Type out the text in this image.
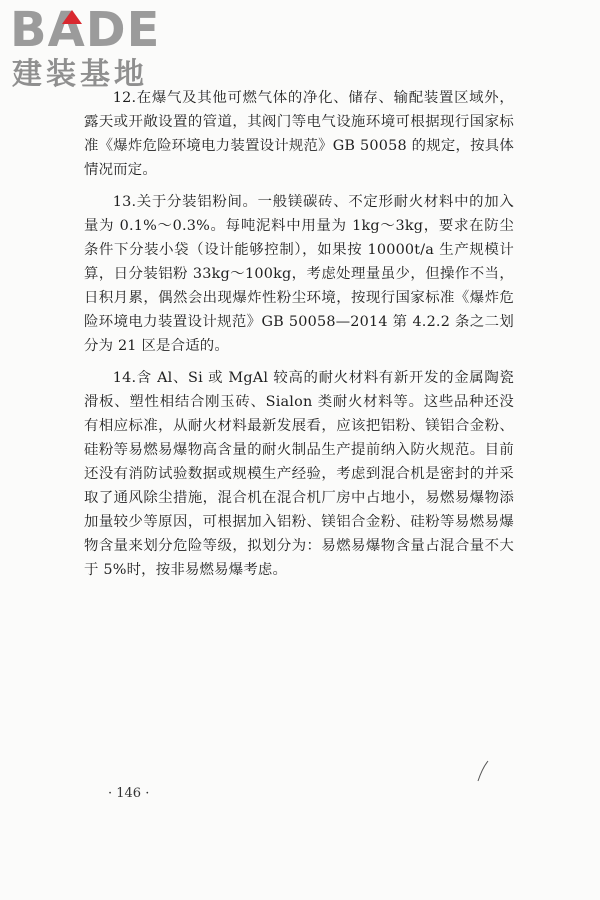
BADE
建装基地

12.在爆气及其他可燃气体的净化、储存、输配装置区域外，露天或开敞设置的管道，其阀门等电气设施环境可根据现行国家标准《爆炸危险环境电力装置设计规范》GB 50058 的规定，按具体情况而定。

13.关于分装铝粉间。一般镁碳砖、不定形耐火材料中的加入量为 0.1%～0.3%。每吨泥料中用量为 1kg～3kg，要求在防尘条件下分装小袋（设计能够控制），如果按 10000t/a 生产规模计算，日分装铝粉 33kg～100kg，考虑处理量虽少，但操作不当，日积月累，偶然会出现爆炸性粉尘环境，按现行国家标准《爆炸危险环境电力装置设计规范》GB 50058—2014 第 4.2.2 条之二划分为 21 区是合适的。

14.含 Al、Si 或 MgAl 较高的耐火材料有新开发的金属陶瓷滑板、塑性相结合刚玉砖、Sialon 类耐火材料等。这些品种还没有相应标准，从耐火材料最新发展看，应该把铝粉、镁铝合金粉、硅粉等易燃易爆物高含量的耐火制品生产提前纳入防火规范。目前还没有消防试验数据或规模生产经验，考虑到混合机是密封的并采取了通风除尘措施，混合机在混合机厂房中占地小，易燃易爆物添加量较少等原因，可根据加入铝粉、镁铝合金粉、硅粉等易燃易爆物含量来划分危险等级，拟划分为：易燃易爆物含量占混合量不大于 5%时，按非易燃易爆考虑。

· 146 ·
